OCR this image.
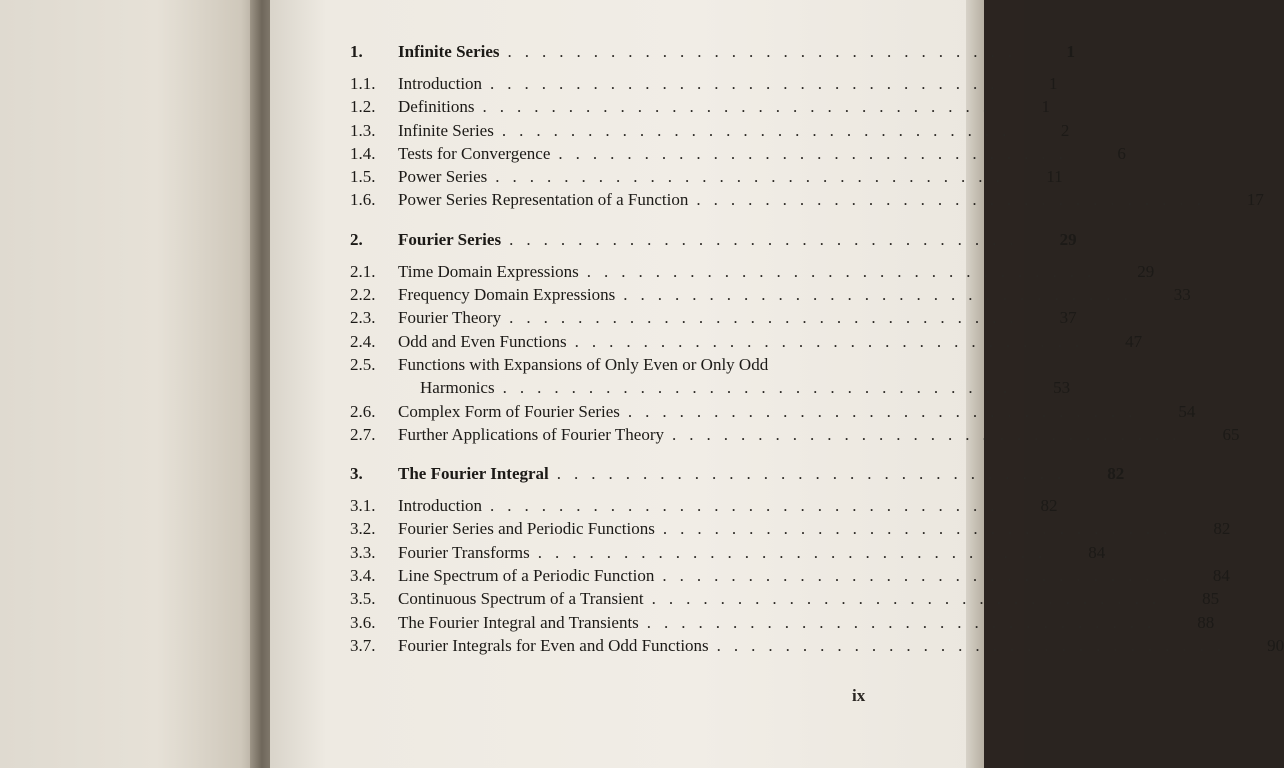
1.	Infinite Series ..............................	1
1.1.	Introduction ..............................	1
1.2.	Definitions ..............................	1
1.3.	Infinite Series ..............................	2
1.4.	Tests for Convergence ..............................	6
1.5.	Power Series ..............................	11
1.6.	Power Series Representation of a Function ..............................	17
2.	Fourier Series ..............................	29
2.1.	Time Domain Expressions ..............................	29
2.2.	Frequency Domain Expressions ..............................	33
2.3.	Fourier Theory ..............................	37
2.4.	Odd and Even Functions ..............................	47
2.5.	Functions with Expansions of Only Even or Only Odd
Harmonics ..............................	53
2.6.	Complex Form of Fourier Series ..............................	54
2.7.	Further Applications of Fourier Theory ..............................	65
3.	The Fourier Integral ..............................	82
3.1.	Introduction ..............................	82
3.2.	Fourier Series and Periodic Functions ..............................	82
3.3.	Fourier Transforms ..............................	84
3.4.	Line Spectrum of a Periodic Function ..............................	84
3.5.	Continuous Spectrum of a Transient ..............................	85
3.6.	The Fourier Integral and Transients ..............................	88
3.7.	Fourier Integrals for Even and Odd Functions ..............................	90
ix
